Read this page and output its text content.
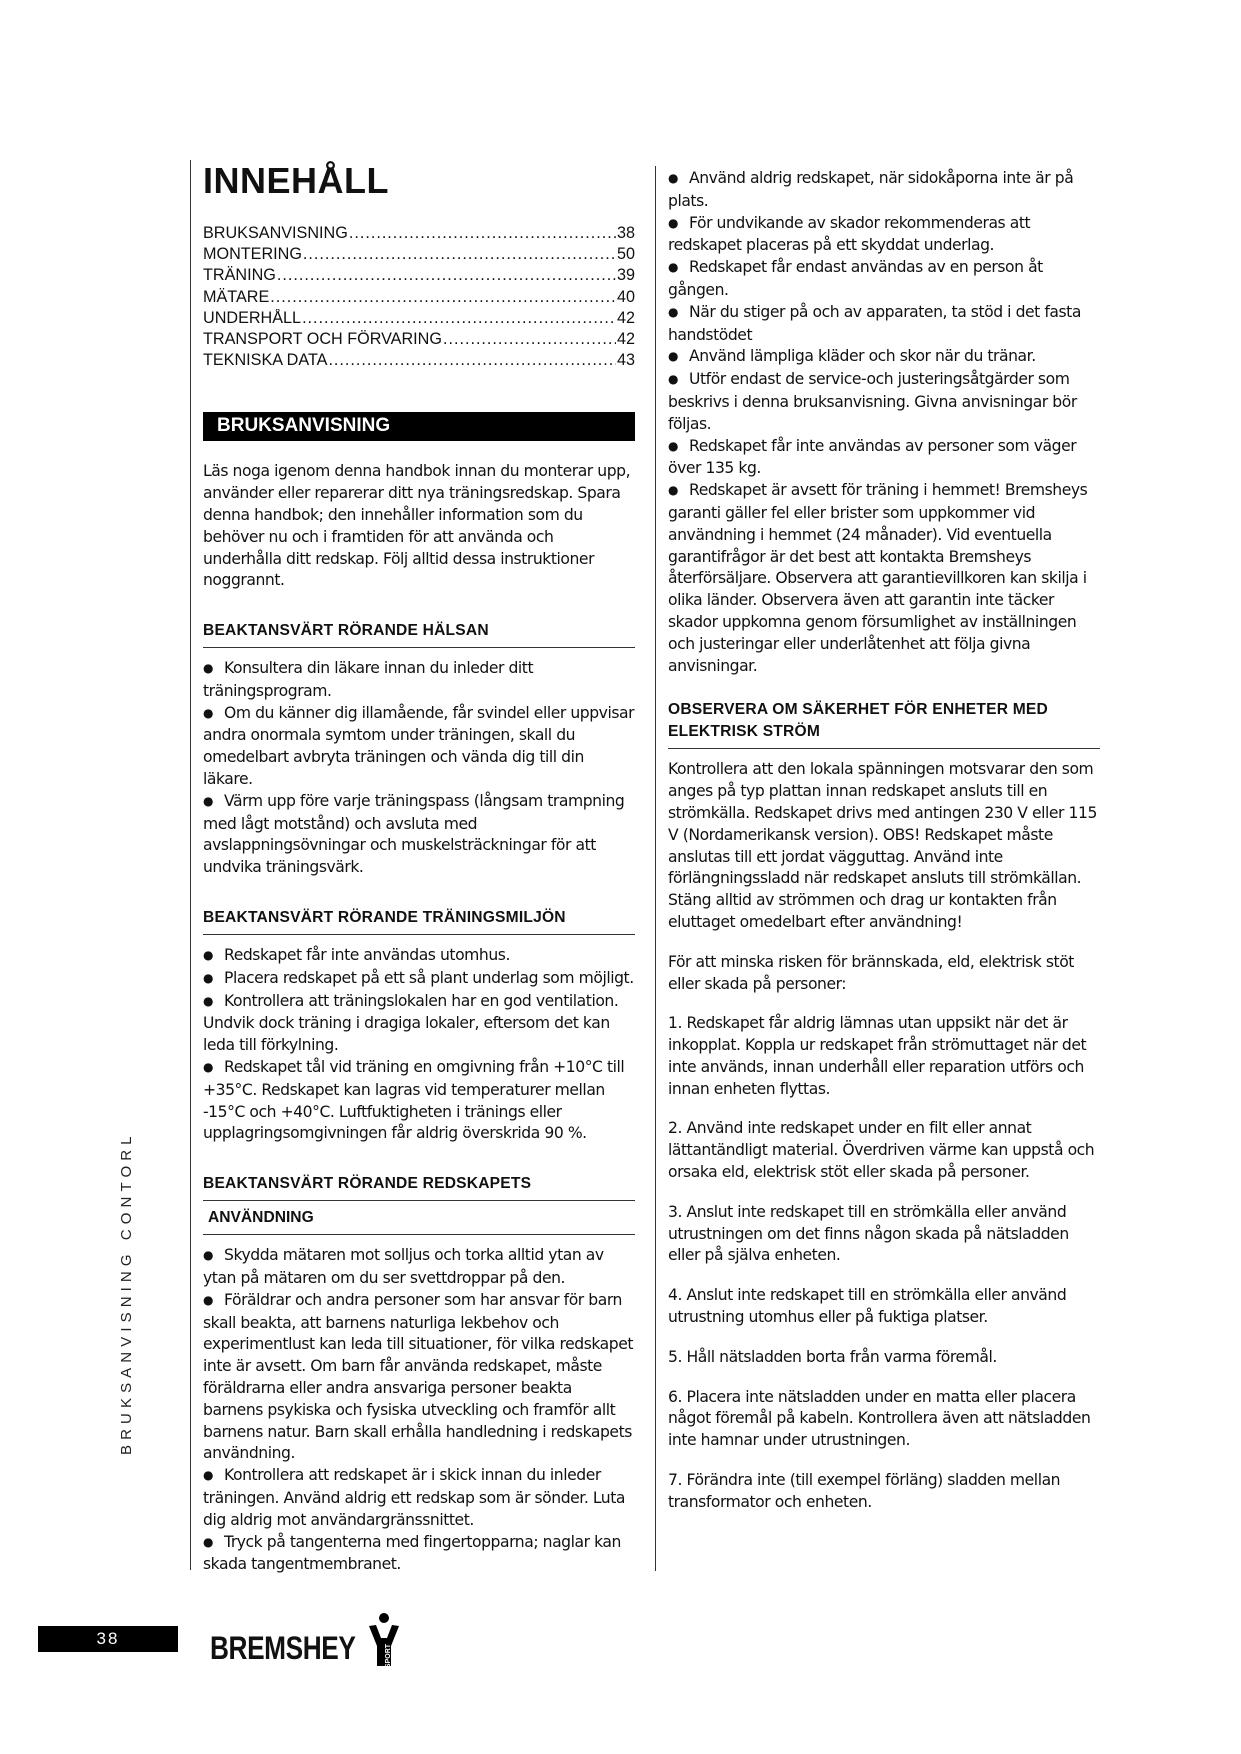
INNEHÅLL
BRUKSANVISNING .....	38
MONTERING .....	50
TRÄNING .....	39
MÄTARE .....	40
UNDERHÅLL .....	42
TRANSPORT OCH FÖRVARING .....	42
TEKNISKA DATA .....	43
BRUKSANVISNING

Läs noga igenom denna handbok innan du monterar upp, använder eller reparerar ditt nya träningsredskap. Spara denna handbok; den innehåller information som du behöver nu och i framtiden för att använda och underhålla ditt redskap. Följ alltid dessa instruktioner noggrannt.

BEAKTANSVÄRT RÖRANDE HÄLSAN

● Konsultera din läkare innan du inleder ditt träningsprogram.

● Om du känner dig illamående, får svindel eller uppvisar andra onormala symtom under träningen, skall du omedelbart avbryta träningen och vända dig till din läkare.

● Värm upp före varje träningspass (långsam trampning med lågt motstånd) och avsluta med avslappningsövningar och muskelsträckningar för att undvika träningsvärk.

BEAKTANSVÄRT RÖRANDE TRÄNINGSMILJÖN

● Redskapet får inte användas utomhus.

● Placera redskapet på ett så plant underlag som möjligt.

● Kontrollera att träningslokalen har en god ventilation. Undvik dock träning i dragiga lokaler, eftersom det kan leda till förkylning.

● Redskapet tål vid träning en omgivning från +10°C till +35°C. Redskapet kan lagras vid temperaturer mellan -15°C och +40°C. Luftfuktigheten i tränings eller upplagringsomgivningen får aldrig överskrida 90 %.

BEAKTANSVÄRT RÖRANDE REDSKAPETS
ANVÄNDNING

● Skydda mätaren mot solljus och torka alltid ytan av ytan på mätaren om du ser svettdroppar på den.

● Föräldrar och andra personer som har ansvar för barn skall beakta, att barnens naturliga lekbehov och experimentlust kan leda till situationer, för vilka redskapet inte är avsett. Om barn får använda redskapet, måste föräldrarna eller andra ansvariga personer beakta barnens psykiska och fysiska utveckling och framför allt barnens natur. Barn skall erhålla handledning i redskapets användning.

● Kontrollera att redskapet är i skick innan du inleder träningen. Använd aldrig ett redskap som är sönder. Luta dig aldrig mot användargränssnittet.

● Tryck på tangenterna med fingertopparna; naglar kan skada tangentmembranet.

● Använd aldrig redskapet, när sidokåporna inte är på plats.

● För undvikande av skador rekommenderas att redskapet placeras på ett skyddat underlag.

● Redskapet får endast användas av en person åt gången.

● När du stiger på och av apparaten, ta stöd i det fasta handstödet

● Använd lämpliga kläder och skor när du tränar.

● Utför endast de service-och justeringsåtgärder som beskrivs i denna bruksanvisning. Givna anvisningar bör följas.

● Redskapet får inte användas av personer som väger över 135 kg.

● Redskapet är avsett för träning i hemmet! Bremsheys garanti gäller fel eller brister som uppkommer vid användning i hemmet (24 månader). Vid eventuella garantifrågor är det best att kontakta Bremsheys återförsäljare. Observera att garantievillkoren kan skilja i olika länder. Observera även att garantin inte täcker skador uppkomna genom försumlighet av inställningen och justeringar eller underlåtenhet att följa givna anvisningar.

OBSERVERA OM SÄKERHET FÖR ENHETER MED ELEKTRISK STRÖM

Kontrollera att den lokala spänningen motsvarar den som anges på typ plattan innan redskapet ansluts till en strömkälla. Redskapet drivs med antingen 230 V eller 115 V (Nordamerikansk version). OBS! Redskapet måste anslutas till ett jordat vägguttag. Använd inte förlängningssladd när redskapet ansluts till strömkällan. Stäng alltid av strömmen och drag ur kontakten från eluttaget omedelbart efter användning!

För att minska risken för brännskada, eld, elektrisk stöt eller skada på personer:

1. Redskapet får aldrig lämnas utan uppsikt när det är inkopplat. Koppla ur redskapet från strömuttaget när det inte används, innan underhåll eller reparation utförs och innan enheten flyttas.

2. Använd inte redskapet under en filt eller annat lättantändligt material. Överdriven värme kan uppstå och orsaka eld, elektrisk stöt eller skada på personer.

3. Anslut inte redskapet till en strömkälla eller använd utrustningen om det finns någon skada på nätsladden eller på själva enheten.

4. Anslut inte redskapet till en strömkälla eller använd utrustning utomhus eller på fuktiga platser.

5. Håll nätsladden borta från varma föremål.

6. Placera inte nätsladden under en matta eller placera något föremål på kabeln. Kontrollera även att nätsladden inte hamnar under utrustningen.

7. Förändra inte (till exempel förläng) sladden mellan transformator och enheten.

BRUKSANVISNING CONTORL
38	BREMSHEY	SPORT
